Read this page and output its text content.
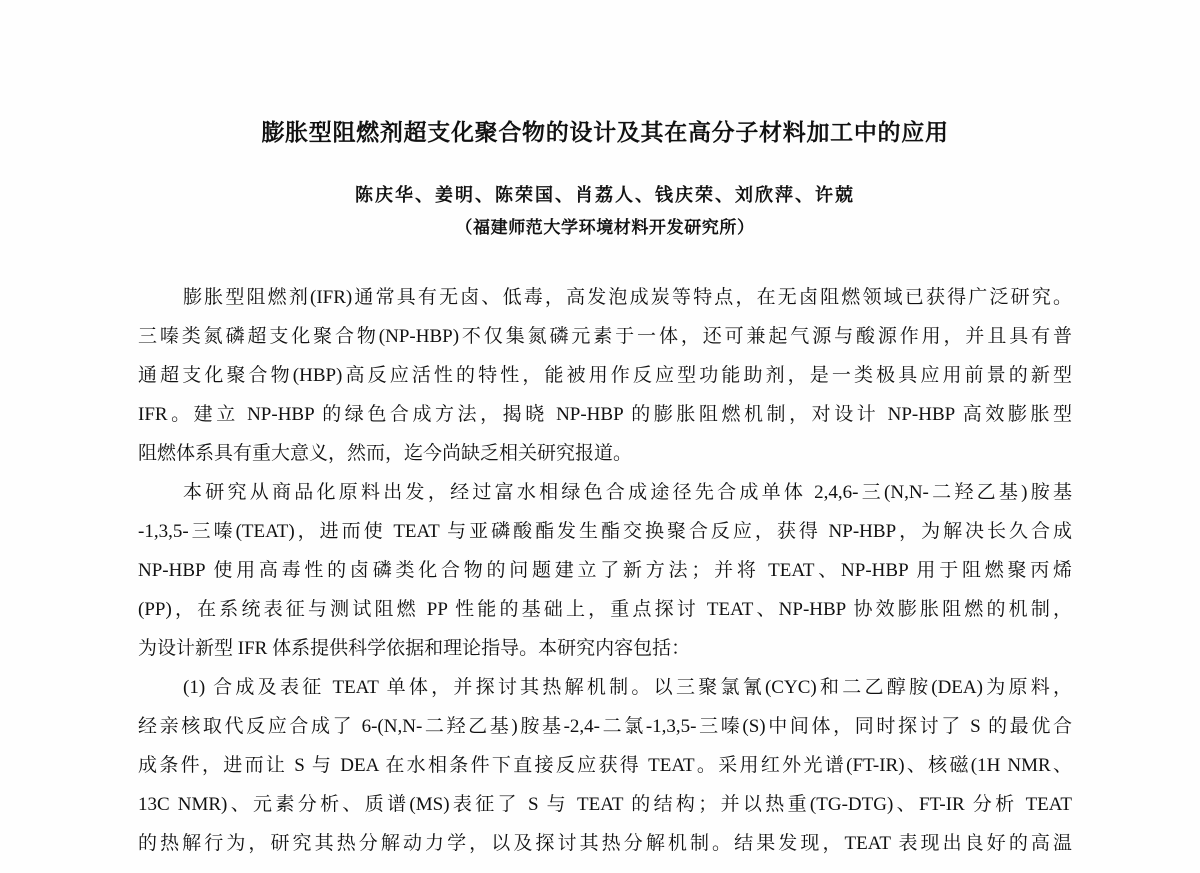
膨胀型阻燃剂超支化聚合物的设计及其在高分子材料加工中的应用
陈庆华、姜明、陈荣国、肖荔人、钱庆荣、刘欣萍、许兢
（福建师范大学环境材料开发研究所）
膨胀型阻燃剂(IFR)通常具有无卤、低毒，高发泡成炭等特点，在无卤阻燃领域已获得广泛研究。
三嗪类氮磷超支化聚合物(NP-HBP)不仅集氮磷元素于一体，还可兼起气源与酸源作用，并且具有普
通超支化聚合物(HBP)高反应活性的特性，能被用作反应型功能助剂，是一类极具应用前景的新型
IFR。建立 NP-HBP 的绿色合成方法，揭晓 NP-HBP 的膨胀阻燃机制，对设计 NP-HBP 高效膨胀型
阻燃体系具有重大意义，然而，迄今尚缺乏相关研究报道。
本研究从商品化原料出发，经过富水相绿色合成途径先合成单体 2,4,6-三(N,N-二羟乙基)胺基
-1,3,5-三嗪(TEAT)，进而使 TEAT 与亚磷酸酯发生酯交换聚合反应，获得 NP-HBP，为解决长久合成
NP-HBP 使用高毒性的卤磷类化合物的问题建立了新方法；并将 TEAT、NP-HBP 用于阻燃聚丙烯
(PP)，在系统表征与测试阻燃 PP 性能的基础上，重点探讨 TEAT、NP-HBP 协效膨胀阻燃的机制，
为设计新型 IFR 体系提供科学依据和理论指导。本研究内容包括：
(1) 合成及表征 TEAT 单体，并探讨其热解机制。以三聚氯氰(CYC)和二乙醇胺(DEA)为原料，
经亲核取代反应合成了 6-(N,N-二羟乙基)胺基-2,4-二氯-1,3,5-三嗪(S)中间体，同时探讨了 S 的最优合
成条件，进而让 S 与 DEA 在水相条件下直接反应获得 TEAT。采用红外光谱(FT-IR)、核磁(1H NMR、
13C NMR)、元素分析、质谱(MS)表征了 S 与 TEAT 的结构；并以热重(TG-DTG)、FT-IR 分析 TEAT
的热解行为，研究其热分解动力学，以及探讨其热分解机制。结果发现，TEAT 表现出良好的高温
